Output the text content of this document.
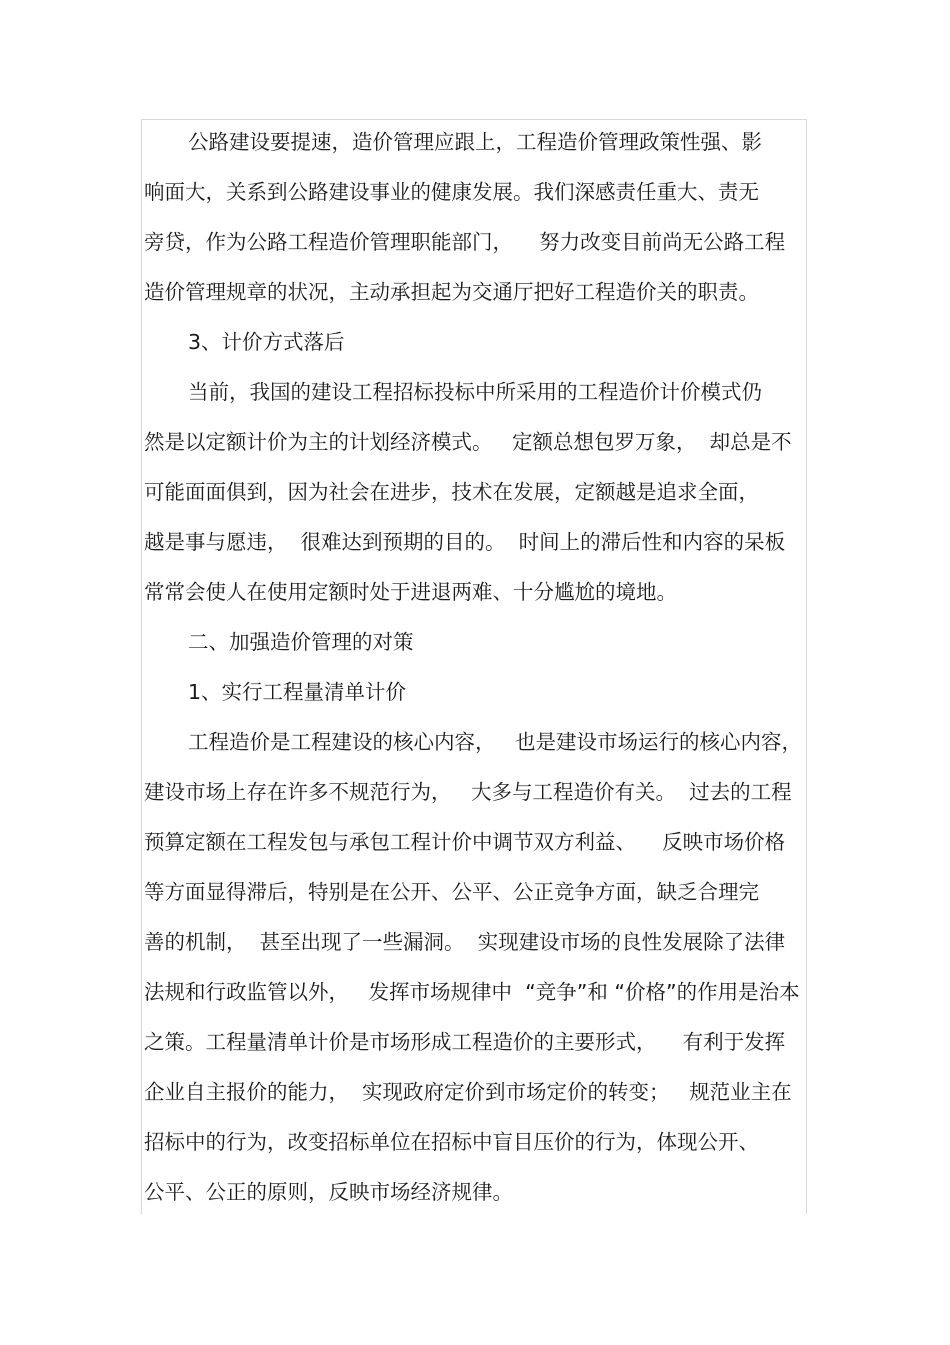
公路建设要提速，造价管理应跟上，工程造价管理政策性强、影
响面大，关系到公路建设事业的健康发展。我们深感责任重大、责无
旁贷，作为公路工程造价管理职能部门，    努力改变目前尚无公路工程
造价管理规章的状况，主动承担起为交通厅把好工程造价关的职责。
3、计价方式落后
当前，我国的建设工程招标投标中所采用的工程造价计价模式仍
然是以定额计价为主的计划经济模式。   定额总想包罗万象，  却总是不
可能面面俱到，因为社会在进步，技术在发展，定额越是追求全面，
越是事与愿违，  很难达到预期的目的。  时间上的滞后性和内容的呆板
常常会使人在使用定额时处于进退两难、十分尴尬的境地。
二、加强造价管理的对策
1、实行工程量清单计价
工程造价是工程建设的核心内容，   也是建设市场运行的核心内容，
建设市场上存在许多不规范行为，   大多与工程造价有关。  过去的工程
预算定额在工程发包与承包工程计价中调节双方利益、    反映市场价格
等方面显得滞后，特别是在公开、公平、公正竞争方面，缺乏合理完
善的机制，  甚至出现了一些漏洞。  实现建设市场的良性发展除了法律
法规和行政监管以外，   发挥市场规律中  “竞争”和 “价格”的作用是治本
之策。工程量清单计价是市场形成工程造价的主要形式，    有利于发挥
企业自主报价的能力，  实现政府定价到市场定价的转变；   规范业主在
招标中的行为，改变招标单位在招标中盲目压价的行为，体现公开、
公平、公正的原则，反映市场经济规律。
